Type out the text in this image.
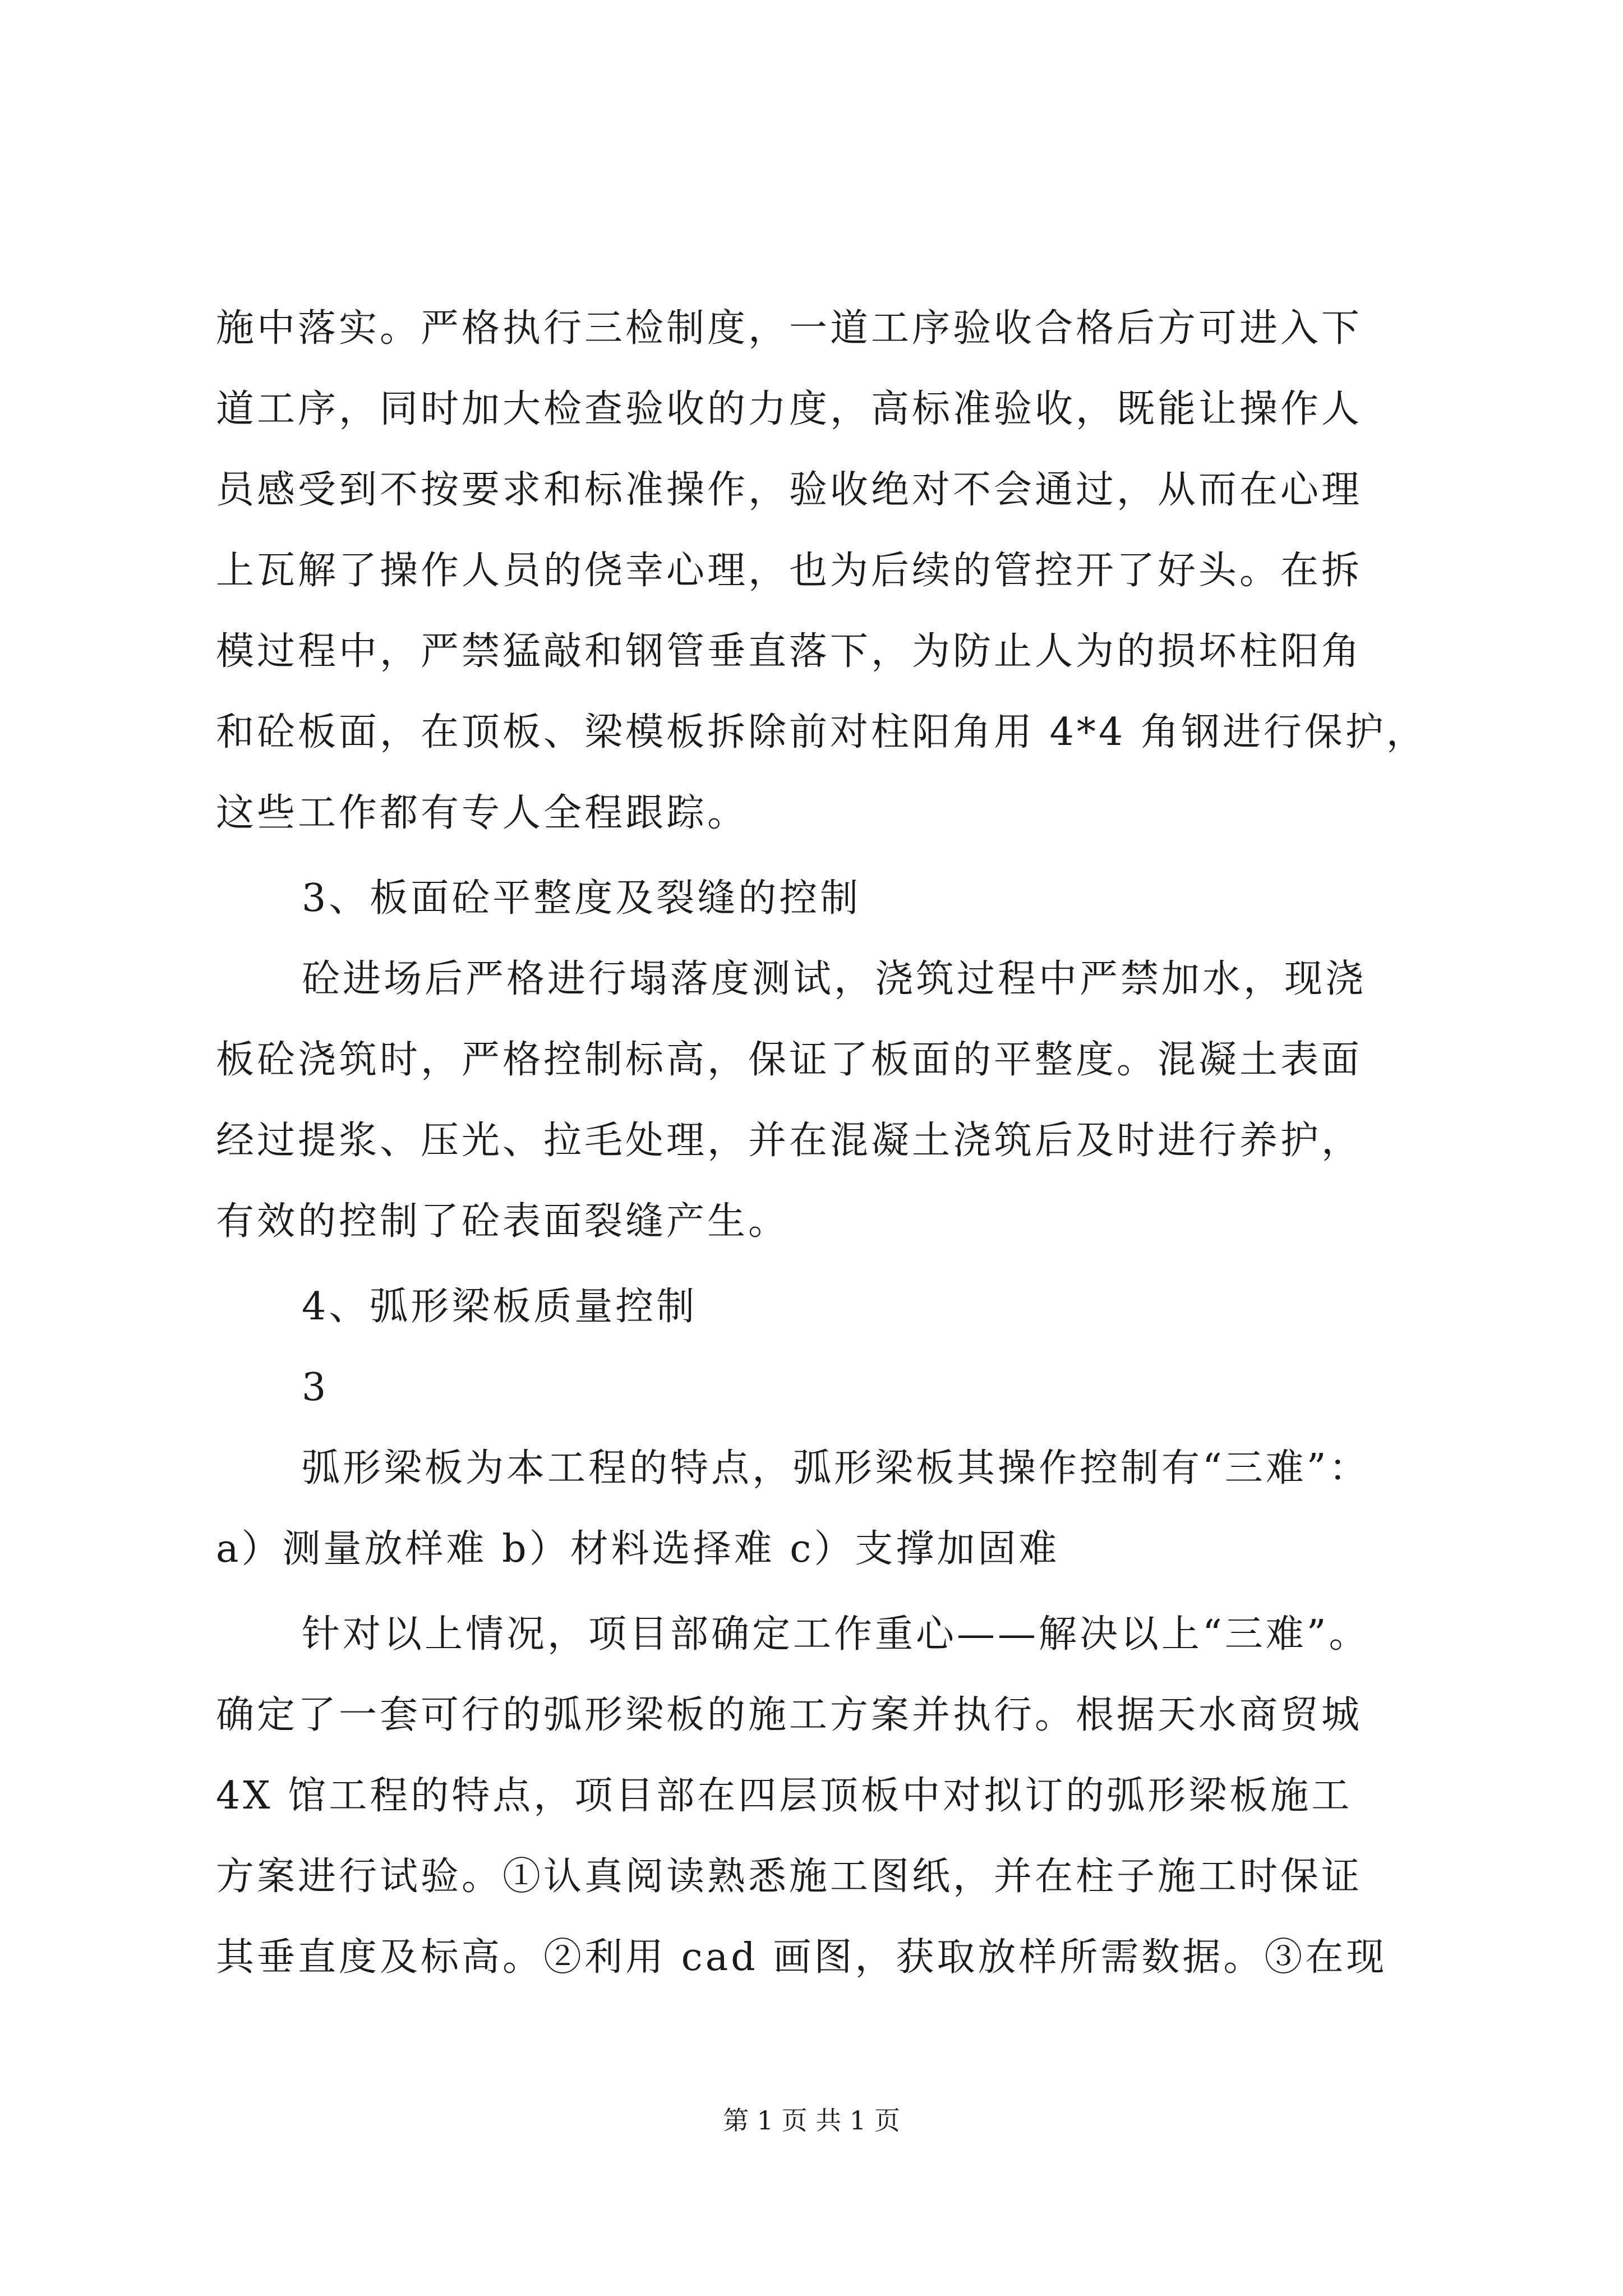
施中落实。严格执行三检制度，一道工序验收合格后方可进入下
道工序，同时加大检查验收的力度，高标准验收，既能让操作人
员感受到不按要求和标准操作，验收绝对不会通过，从而在心理
上瓦解了操作人员的侥幸心理，也为后续的管控开了好头。在拆
模过程中，严禁猛敲和钢管垂直落下，为防止人为的损坏柱阳角
和砼板面，在顶板、梁模板拆除前对柱阳角用 4*4 角钢进行保护，
这些工作都有专人全程跟踪。
3、板面砼平整度及裂缝的控制
砼进场后严格进行塌落度测试，浇筑过程中严禁加水，现浇
板砼浇筑时，严格控制标高，保证了板面的平整度。混凝土表面
经过提浆、压光、拉毛处理，并在混凝土浇筑后及时进行养护，
有效的控制了砼表面裂缝产生。
4、弧形梁板质量控制
3
弧形梁板为本工程的特点，弧形梁板其操作控制有“三难”：
a）测量放样难 b）材料选择难 c）支撑加固难
针对以上情况，项目部确定工作重心——解决以上“三难”。
确定了一套可行的弧形梁板的施工方案并执行。根据天水商贸城
4X 馆工程的特点，项目部在四层顶板中对拟订的弧形梁板施工
方案进行试验。①认真阅读熟悉施工图纸，并在柱子施工时保证
其垂直度及标高。②利用 cad 画图，获取放样所需数据。③在现
第 1 页 共 1 页
